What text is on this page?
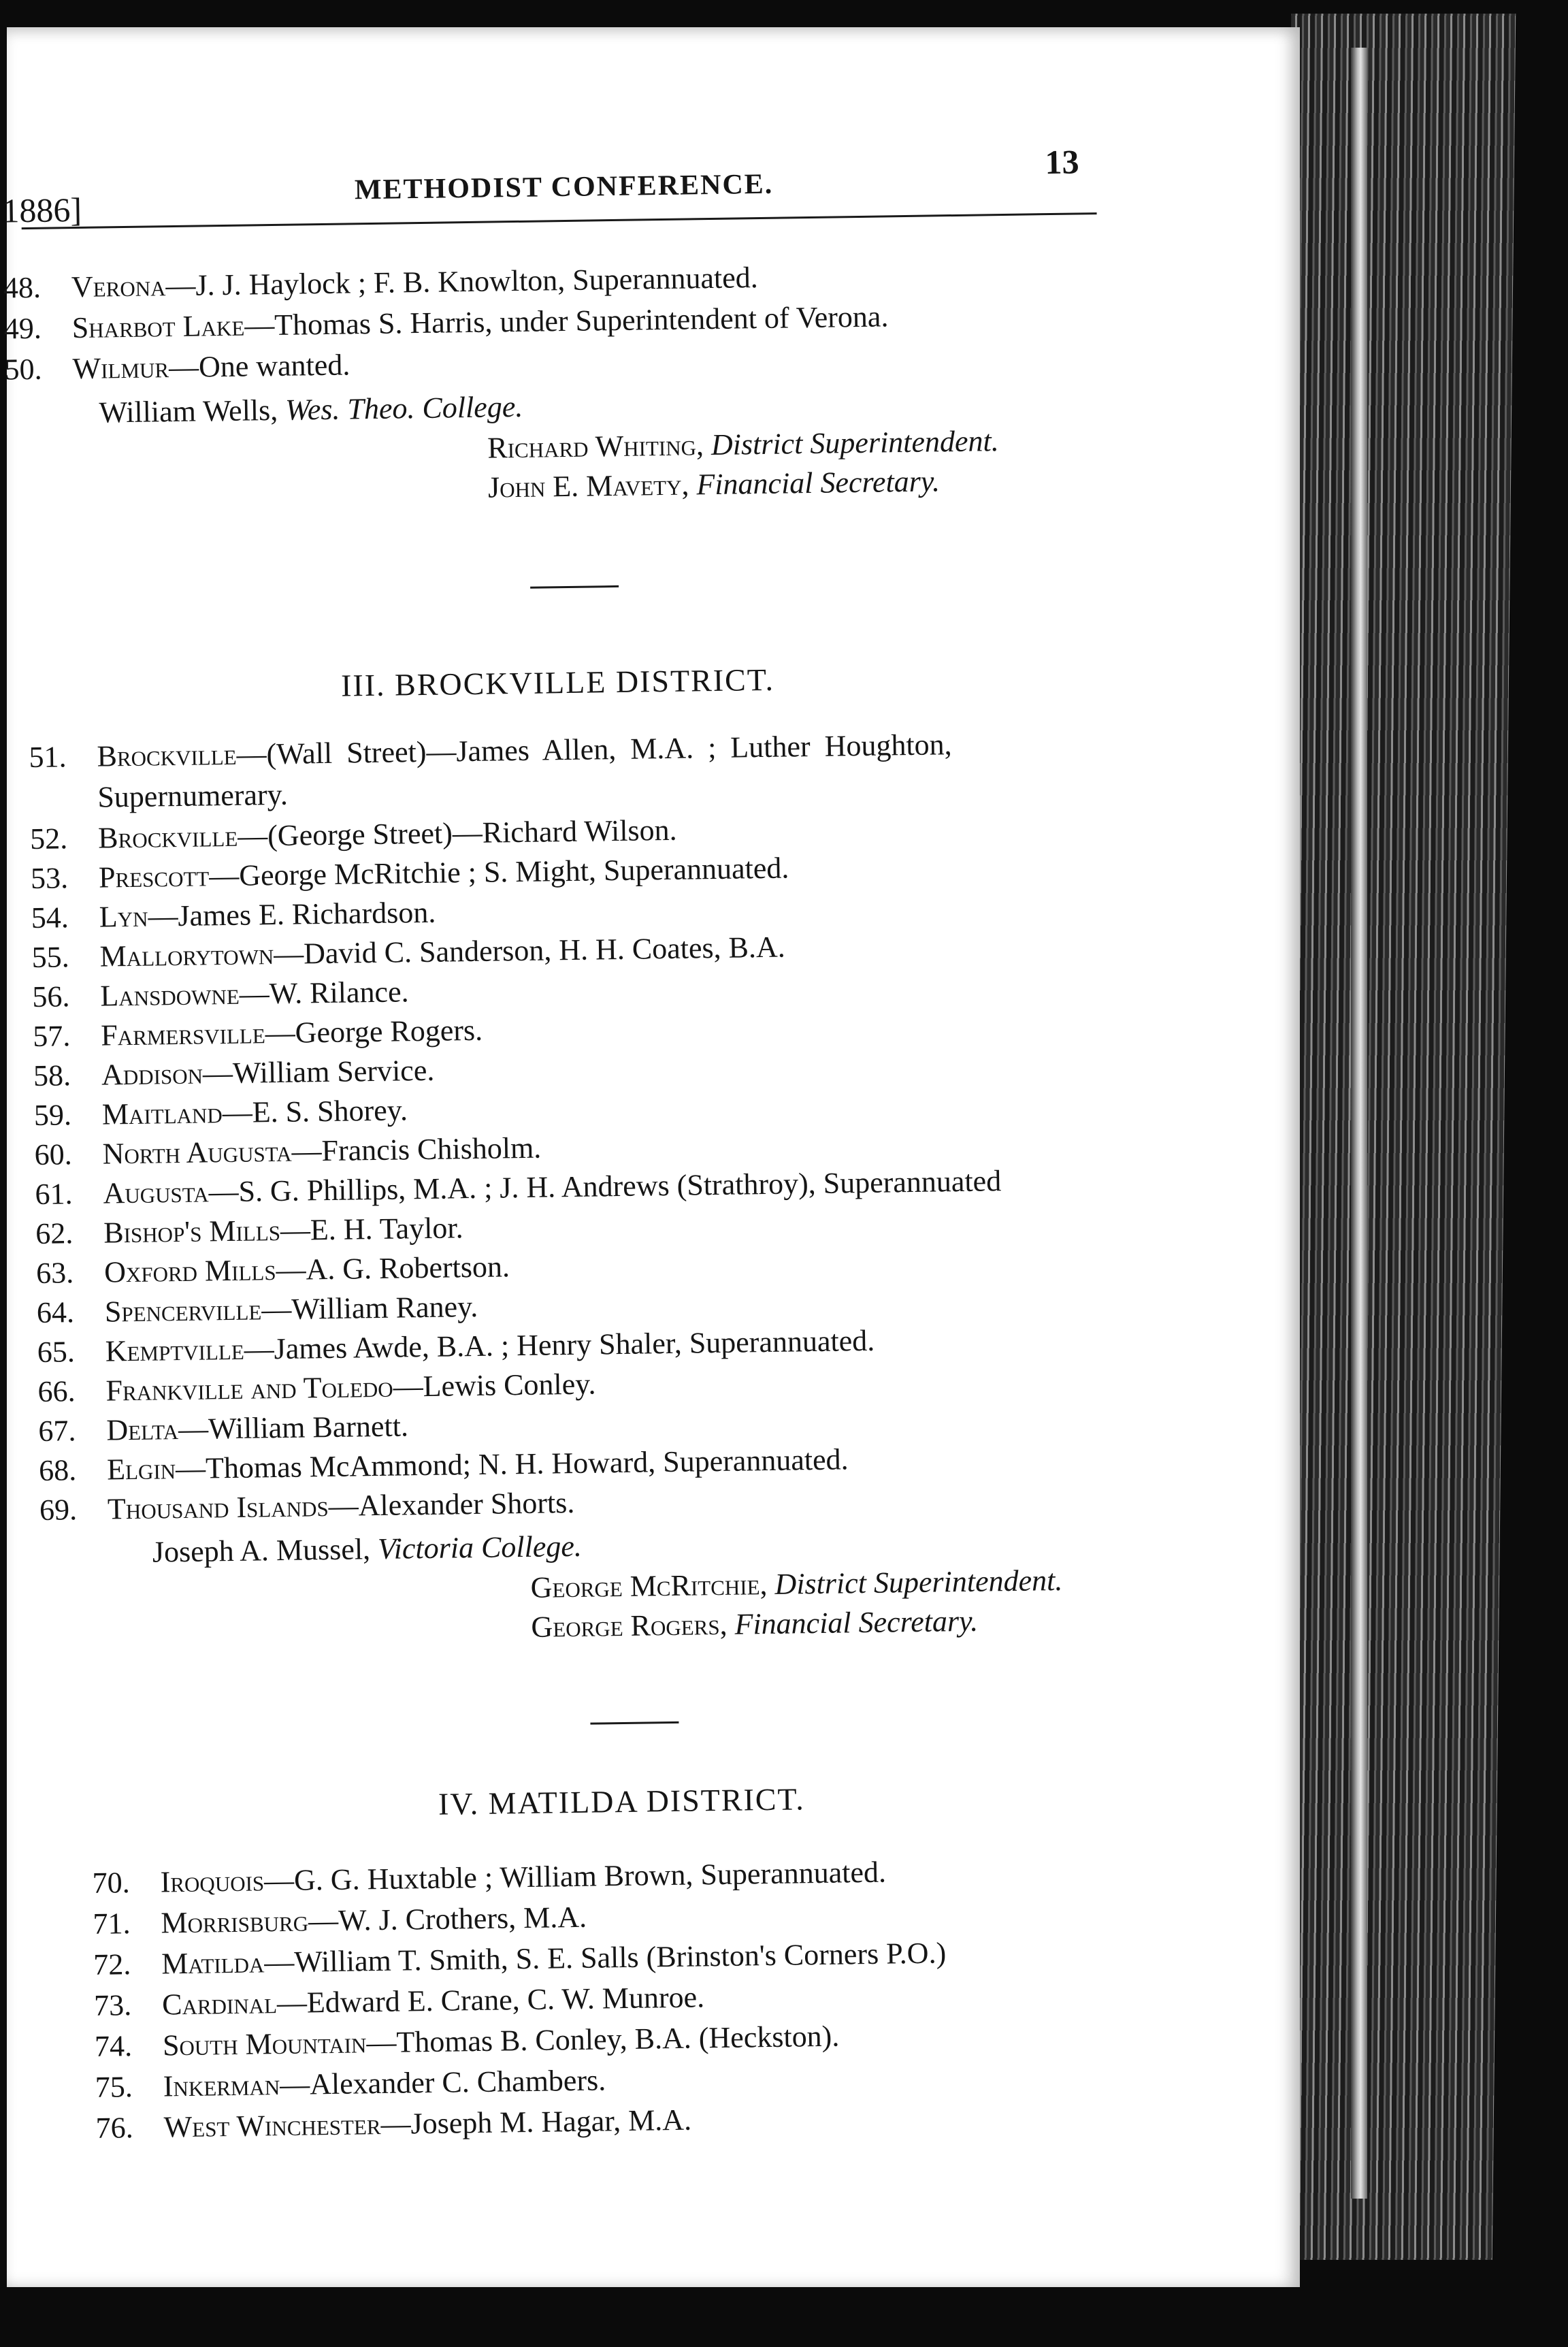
1886]
METHODIST CONFERENCE.
13
48. Verona—J. J. Haylock ; F. B. Knowlton, Superannuated.
49. Sharbot Lake—Thomas S. Harris, under Superintendent of Verona.
50. Wilmur—One wanted.
William Wells, Wes. Theo. College.
Richard Whiting, District Superintendent.
John E. Mavety, Financial Secretary.
III. BROCKVILLE DISTRICT.
51. Brockville—(Wall Street)—James Allen, M.A. ; Luther Houghton,
Supernumerary.
52. Brockville—(George Street)—Richard Wilson.
53. Prescott—George McRitchie ; S. Might, Superannuated.
54. Lyn—James E. Richardson.
55. Mallorytown—David C. Sanderson, H. H. Coates, B.A.
56. Lansdowne—W. Rilance.
57. Farmersville—George Rogers.
58. Addison—William Service.
59. Maitland—E. S. Shorey.
60. North Augusta—Francis Chisholm.
61. Augusta—S. G. Phillips, M.A. ; J. H. Andrews (Strathroy), Superannuated
62. Bishop's Mills—E. H. Taylor.
63. Oxford Mills—A. G. Robertson.
64. Spencerville—William Raney.
65. Kemptville—James Awde, B.A. ; Henry Shaler, Superannuated.
66. Frankville and Toledo—Lewis Conley.
67. Delta—William Barnett.
68. Elgin—Thomas McAmmond; N. H. Howard, Superannuated.
69. Thousand Islands—Alexander Shorts.
Joseph A. Mussel, Victoria College.
George McRitchie, District Superintendent.
George Rogers, Financial Secretary.
IV. MATILDA DISTRICT.
70. Iroquois—G. G. Huxtable ; William Brown, Superannuated.
71. Morrisburg—W. J. Crothers, M.A.
72. Matilda—William T. Smith, S. E. Salls (Brinston's Corners P.O.)
73. Cardinal—Edward E. Crane, C. W. Munroe.
74. South Mountain—Thomas B. Conley, B.A. (Heckston).
75. Inkerman—Alexander C. Chambers.
76. West Winchester—Joseph M. Hagar, M.A.
